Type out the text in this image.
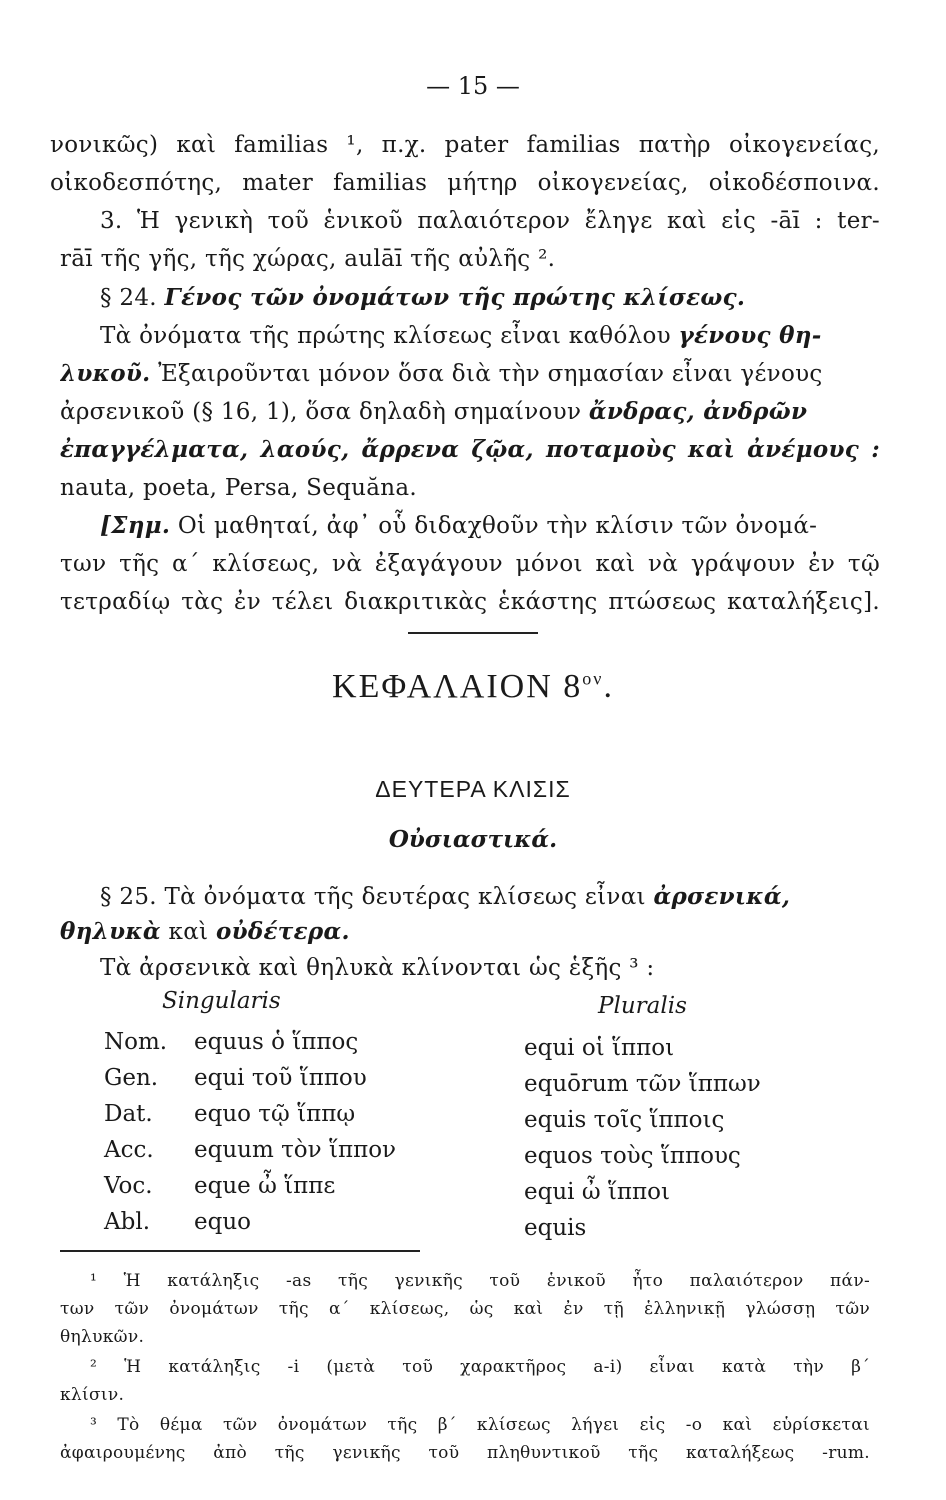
— 15 —
νονικῶς) καὶ familias ¹, π.χ. pater familias πατὴρ οἰκογενείας,
οἰκοδεσπότης, mater familias μήτηρ οἰκογενείας, οἰκοδέσποινα.
3. Ἡ γενικὴ τοῦ ἑνικοῦ παλαιότερον ἔληγε καὶ εἰς -āī : ter-
rāī τῆς γῆς, τῆς χώρας, aulāī τῆς αὐλῆς ².
§ 24. Γένος τῶν ὀνομάτων τῆς πρώτης κλίσεως.
Τὰ ὀνόματα τῆς πρώτης κλίσεως εἶναι καθόλου γένους θη-
λυκοῦ. Ἐξαιροῦνται μόνον ὅσα διὰ τὴν σημασίαν εἶναι γένους
ἀρσενικοῦ (§ 16, 1), ὅσα δηλαδὴ σημαίνουν ἄνδρας, ἀνδρῶν
ἐπαγγέλματα, λαούς, ἄρρενα ζῷα, ποταμοὺς καὶ ἀνέμους :
nauta, poeta, Persa, Sequăna.
[Σημ. Οἱ μαθηταί, ἀφ᾽ οὗ διδαχθοῦν τὴν κλίσιν τῶν ὀνομά-
των τῆς α´ κλίσεως, νὰ ἐξαγάγουν μόνοι καὶ νὰ γράψουν ἐν τῷ
τετραδίῳ τὰς ἐν τέλει διακριτικὰς ἑκάστης πτώσεως καταλήξεις].
ΚΕΦΑΛΑΙΟΝ $8^{o\nu}$.
ΔΕΥΤΕΡΑ ΚΛΙΣΙΣ
Οὐσιαστικά.
§ 25. Τὰ ὀνόματα τῆς δευτέρας κλίσεως εἶναι ἀρσενικά,
θηλυκὰ καὶ οὐδέτερα.
Τὰ ἀρσενικὰ καὶ θηλυκὰ κλίνονται ὡς ἑξῆς ³ :
Singularis	Pluralis
Nom.
Gen.
Dat.
Acc.
Voc.
Abl.
equus ὁ ἵππος
equi τοῦ ἵππου
equo τῷ ἵππῳ
equum τὸν ἵππον
eque ὦ ἵππε
equo
equi οἱ ἵπποι
equōrum τῶν ἵππων
equis τοῖς ἵπποις
equos τοὺς ἵππους
equi ὦ ἵπποι
equis
¹ Ἡ κατάληξις -as τῆς γενικῆς τοῦ ἑνικοῦ ἦτο παλαιότερον πάν-
των τῶν ὀνομάτων τῆς α´ κλίσεως, ὡς καὶ ἐν τῇ ἑλληνικῇ γλώσσῃ τῶν
θηλυκῶν.
² Ἡ κατάληξις -i (μετὰ τοῦ χαρακτῆρος a-i) εἶναι κατὰ τὴν β´
κλίσιν.
³ Τὸ θέμα τῶν ὀνομάτων τῆς β´ κλίσεως λήγει εἰς -o καὶ εὑρίσκεται
ἀφαιρουμένης ἀπὸ τῆς γενικῆς τοῦ πληθυντικοῦ τῆς καταλήξεως -rum.
